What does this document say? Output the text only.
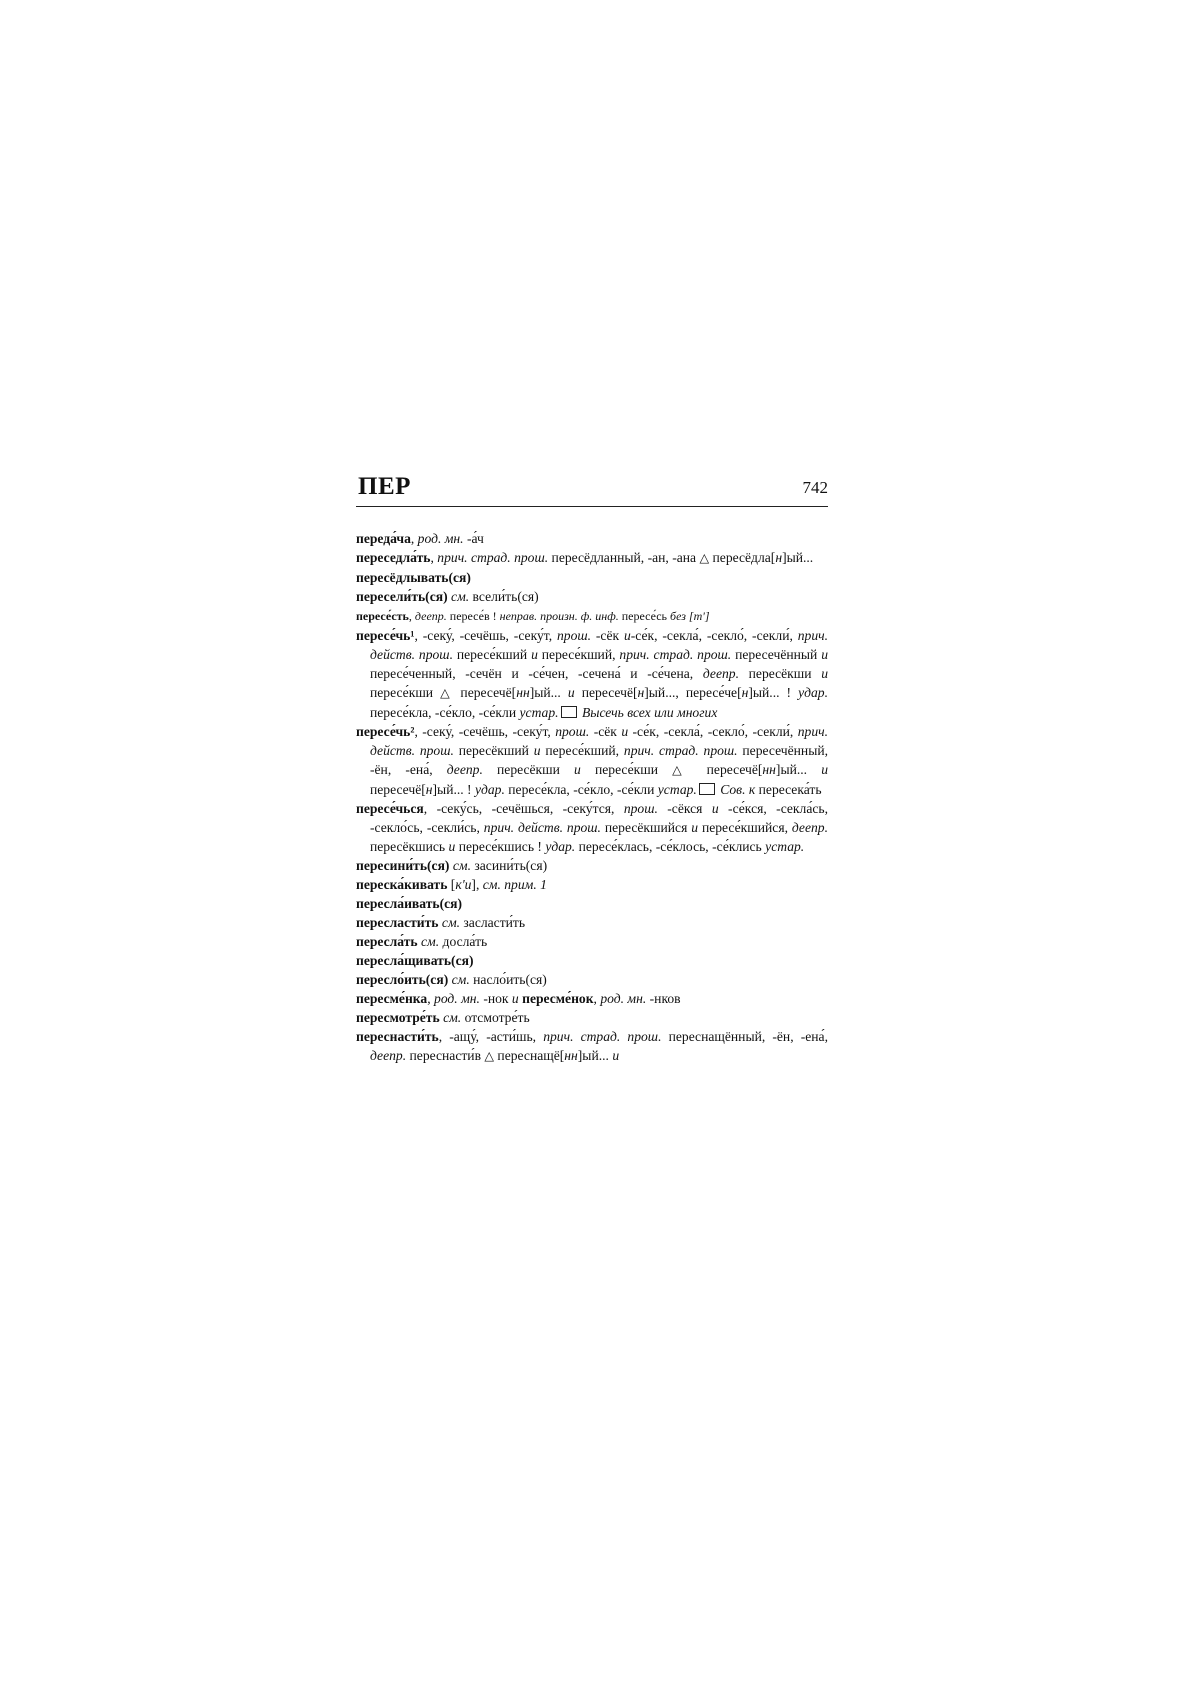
ПЕР	742
переда́ча, род. мн. -а́ч
переседла́ть, прич. страд. прош. пересёдланный, -ан, -ана △ пересёдла[н]ый...
пересёдлывать(ся)
пересели́ть(ся) см. всели́ть(ся)
пересе́сть, деепр. пересе́в ! неправ. произн. ф. инф. пересе́сь без [т']
пересе́чь¹, -секу́, -сечёшь, -секу́т, прош. -сёк и-се́к, -секла́, -секло́, -секли́, прич. действ. прош. пересе́кший и пересе́кший, прич. страд. прош. пересечённый и пересе́ченный, -сечён и -се́чен, -сечена́ и -се́чена, деепр. пересёкши и пересе́кши △ пересечё[нн]ый... и пересечё[н]ый..., пересе́че[н]ый... ! удар. пересе́кла, -се́кло, -се́кли устар. Высечь всех или многих
пересе́чь², -секу́, -сечёшь, -секу́т, прош. -сёк и -се́к, -секла́, -секло́, -секли́, прич. действ. прош. пересёкший и пересе́кший, прич. страд. прош. пересечённый, -ён, -ена́, деепр. пересёкши и пересе́кши △ пересечё[нн]ый... и пересечё[н]ый... ! удар. пересе́кла, -се́кло, -се́кли устар. Сов. к пересека́ть
пересе́чься, -секу́сь, -сечёшься, -секу́тся, прош. -сёкся и -се́кся, -секла́сь, -секло́сь, -секли́сь, прич. действ. прош. пересёкшийся и пересе́кшийся, деепр. пересёкшись и пересе́кшись ! удар. пересе́клась, -се́клось, -се́клись устар.
пересини́ть(ся) см. засини́ть(ся)
переска́кивать [к'и], см. прим. 1
пересла́ивать(ся)
пересласти́ть см. засласти́ть
пересла́ть см. досла́ть
пересла́щивать(ся)
пересло́ить(ся) см. насло́ить(ся)
пересме́нка, род. мн. -нок и пересме́нок, род. мн. -нков
пересмотре́ть см. отсмотре́ть
переснасти́ть, -ащу́, -асти́шь, прич. страд. прош. переснащённый, -ён, -ена́, деепр. переснасти́в △ переснащё[нн]ый... и
